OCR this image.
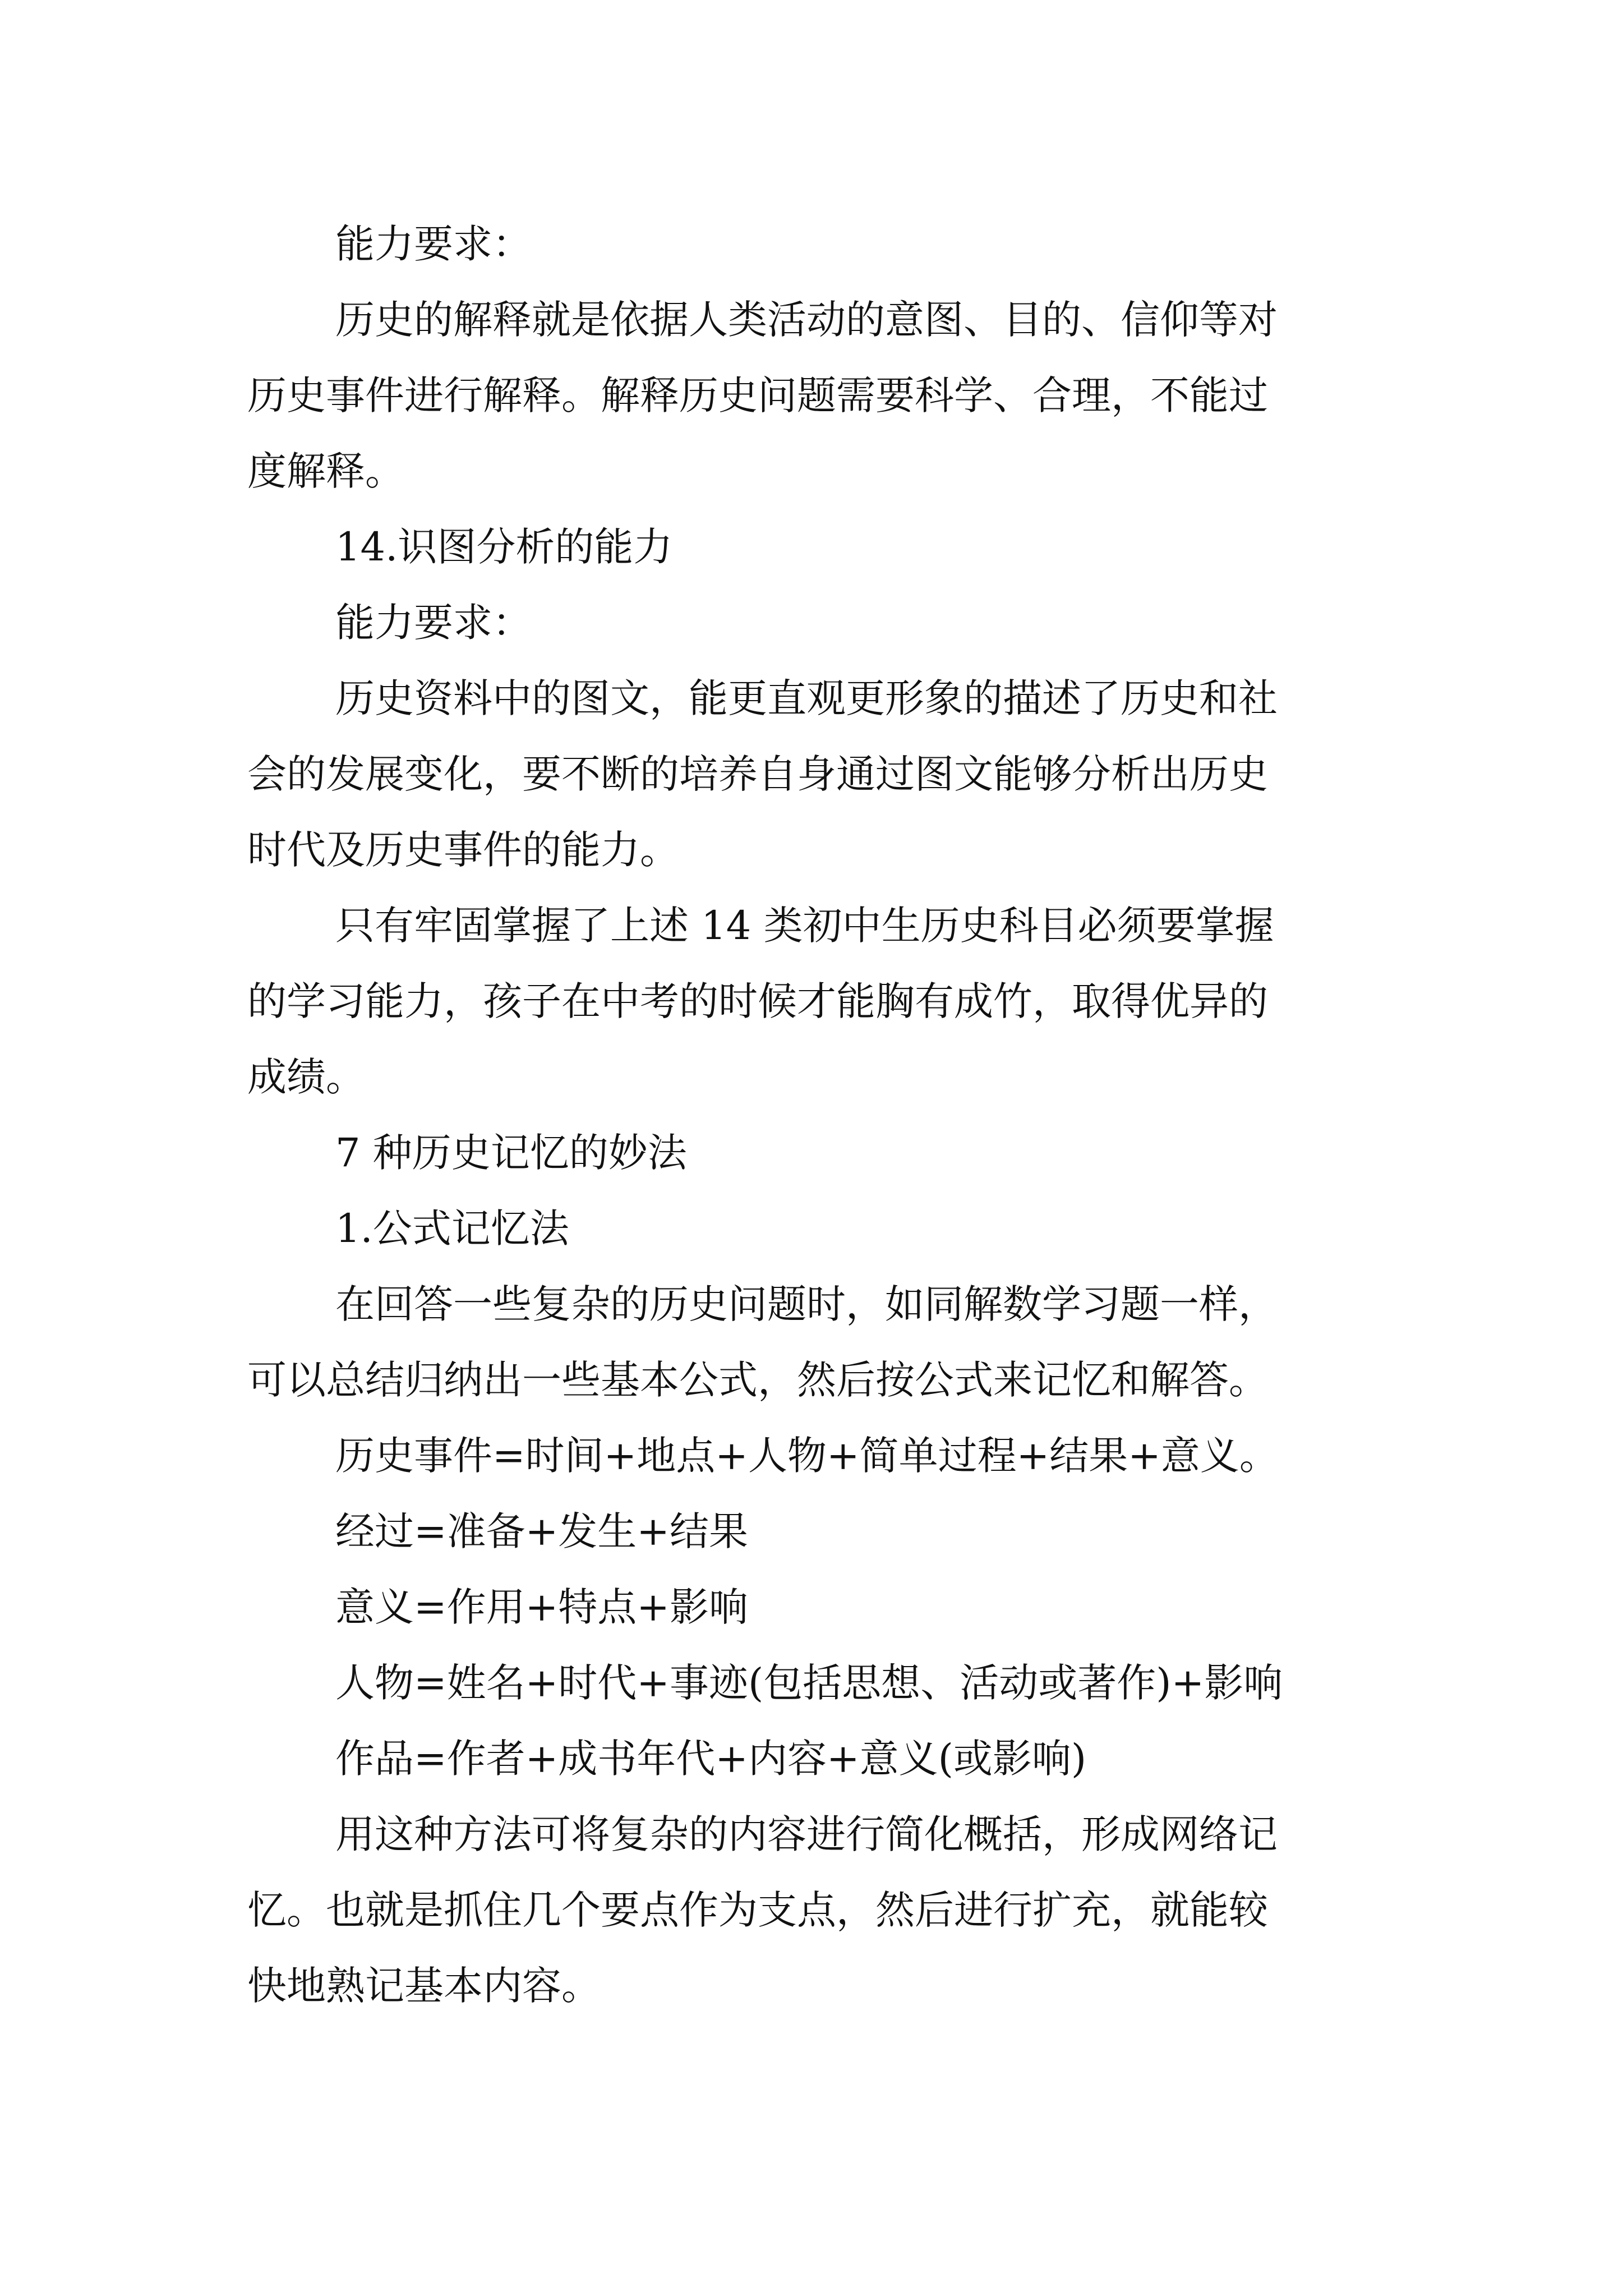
能力要求：
历史的解释就是依据人类活动的意图、目的、信仰等对
历史事件进行解释。解释历史问题需要科学、合理，不能过
度解释。
14.识图分析的能力
能力要求：
历史资料中的图文，能更直观更形象的描述了历史和社
会的发展变化，要不断的培养自身通过图文能够分析出历史
时代及历史事件的能力。
只有牢固掌握了上述 14 类初中生历史科目必须要掌握
的学习能力，孩子在中考的时候才能胸有成竹，取得优异的
成绩。
7 种历史记忆的妙法
1.公式记忆法
在回答一些复杂的历史问题时，如同解数学习题一样，
可以总结归纳出一些基本公式，然后按公式来记忆和解答。
历史事件=时间+地点+人物+简单过程+结果+意义。
经过=准备+发生+结果
意义=作用+特点+影响
人物=姓名+时代+事迹(包括思想、活动或著作)+影响
作品=作者+成书年代+内容+意义(或影响)
用这种方法可将复杂的内容进行简化概括，形成网络记
忆。也就是抓住几个要点作为支点，然后进行扩充，就能较
快地熟记基本内容。
